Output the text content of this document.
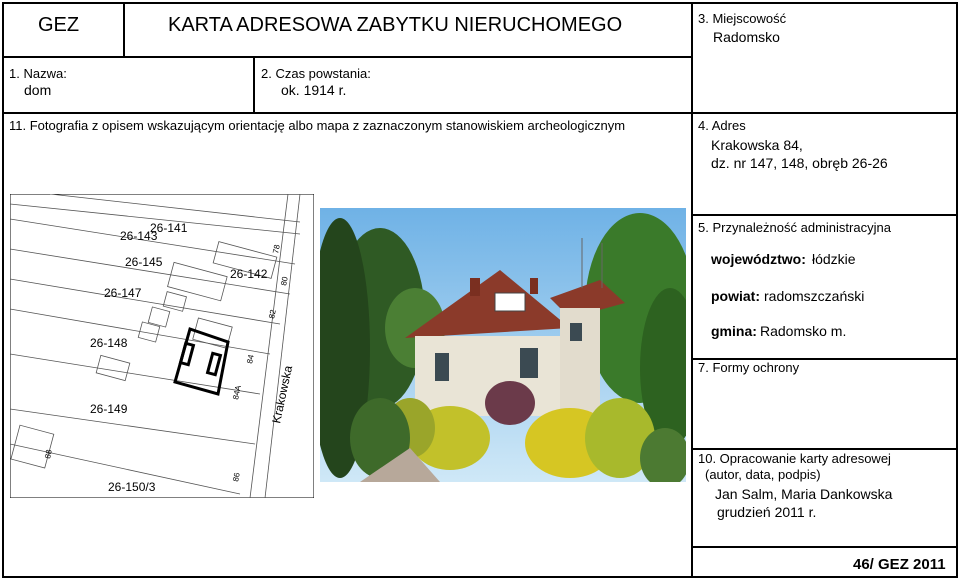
GEZ	KARTA ADRESOWA ZABYTKU NIERUCHOMEGO	3. Miejscowość
Radomsko
1. Nazwa:
dom
2. Czas powstania:
ok. 1914 r.
11. Fotografia z opisem wskazującym orientację albo mapa z zaznaczonym stanowiskiem archeologicznym	4. Adres
Krakowska 84,
dz. nr 147, 148, obręb 26-26
5. Przynależność administracyjna
województwo: łódzkie
powiat: radomszczański
gmina: Radomsko m.
7. Formy ochrony
10. Opracowanie karty adresowej
(autor, data, podpis)
Jan Salm, Maria Dankowska
grudzień 2011 r.
46/ GEZ 2011
26-141
26-143
26-145
26-142
26-147
26-148
26-149
26-150/3
Krakowska
78
80
82
84
84A
86
88
